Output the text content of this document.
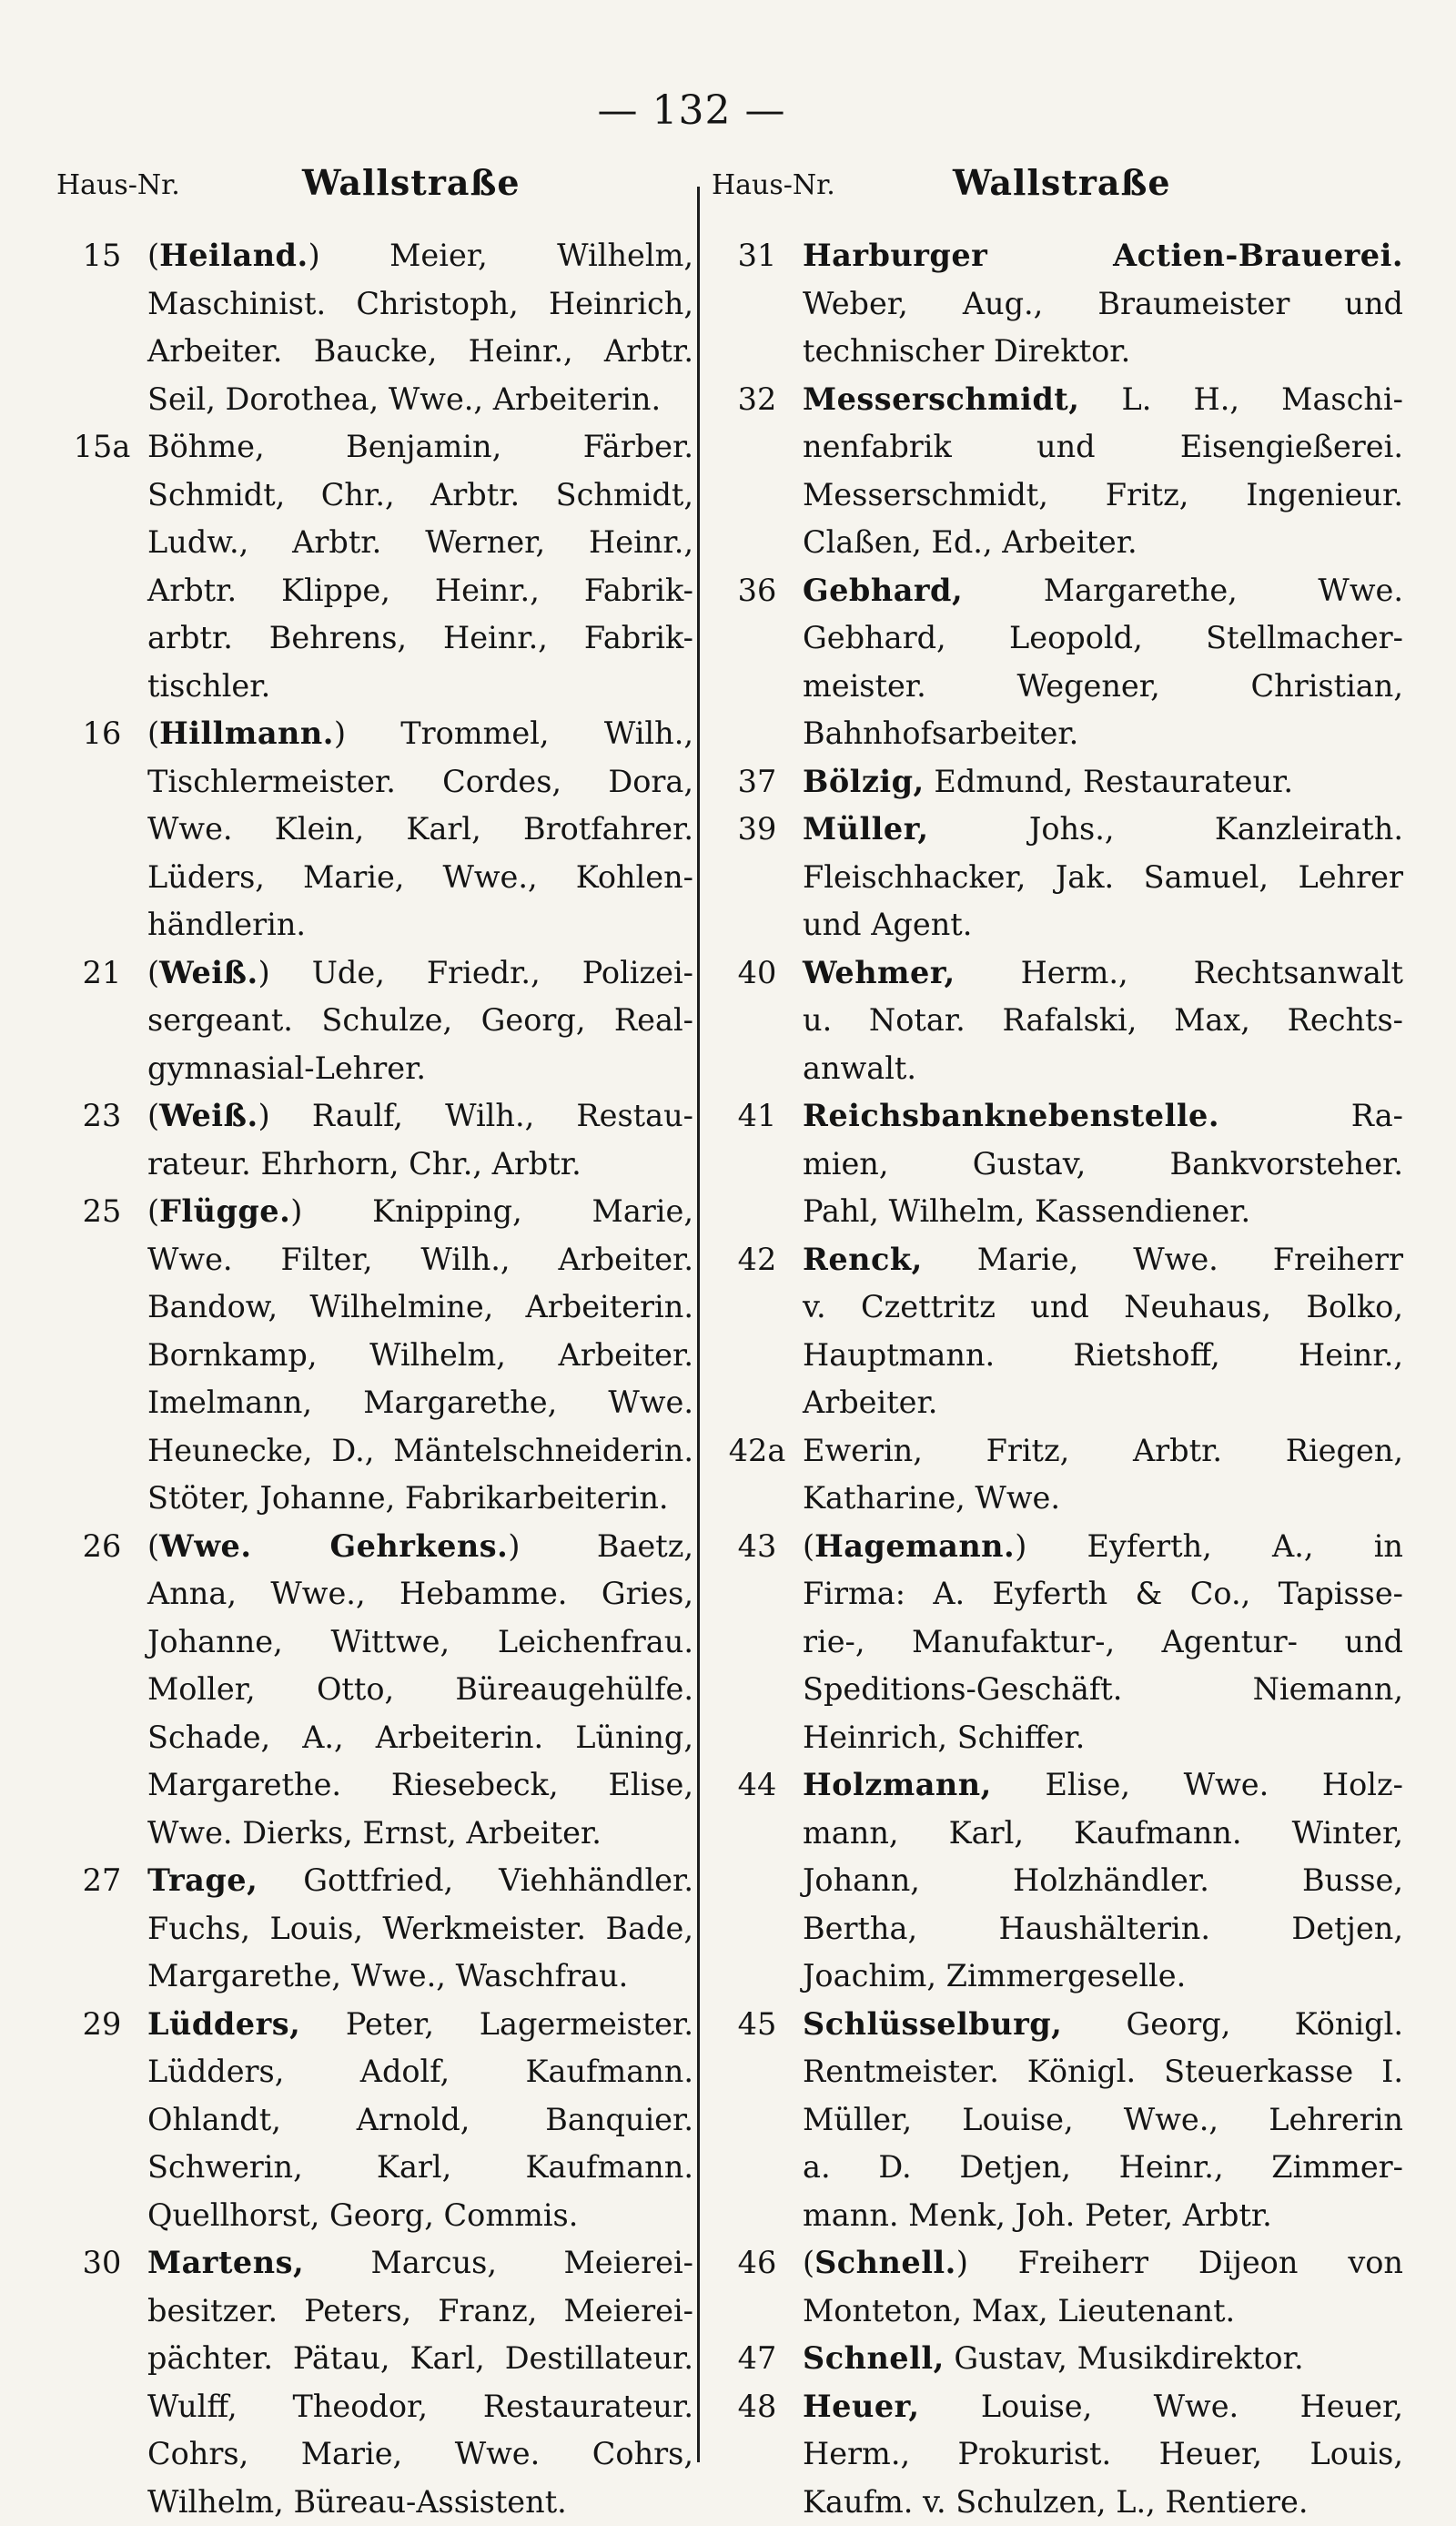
— 132 —
Haus-Nr.	Wallstraße	Haus-Nr.	Wallstraße
15 (Heiland.) Meier, Wilhelm,
Maschinist. Christoph, Heinrich,
Arbeiter. Baucke, Heinr., Arbtr.
Seil, Dorothea, Wwe., Arbeiterin.
15a Böhme, Benjamin, Färber.
Schmidt, Chr., Arbtr. Schmidt,
Ludw., Arbtr. Werner, Heinr.,
Arbtr. Klippe, Heinr., Fabrik-
arbtr. Behrens, Heinr., Fabrik-
tischler.
16 (Hillmann.) Trommel, Wilh.,
Tischlermeister. Cordes, Dora,
Wwe. Klein, Karl, Brotfahrer.
Lüders, Marie, Wwe., Kohlen-
händlerin.
21 (Weiß.) Ude, Friedr., Polizei-
sergeant. Schulze, Georg, Real-
gymnasial-Lehrer.
23 (Weiß.) Raulf, Wilh., Restau-
rateur. Ehrhorn, Chr., Arbtr.
25 (Flügge.) Knipping, Marie,
Wwe. Filter, Wilh., Arbeiter.
Bandow, Wilhelmine, Arbeiterin.
Bornkamp, Wilhelm, Arbeiter.
Imelmann, Margarethe, Wwe.
Heunecke, D., Mäntelschneiderin.
Stöter, Johanne, Fabrikarbeiterin.
26 (Wwe. Gehrkens.) Baetz,
Anna, Wwe., Hebamme. Gries,
Johanne, Wittwe, Leichenfrau.
Moller, Otto, Büreaugehülfe.
Schade, A., Arbeiterin. Lüning,
Margarethe. Riesebeck, Elise,
Wwe. Dierks, Ernst, Arbeiter.
27 Trage, Gottfried, Viehhändler.
Fuchs, Louis, Werkmeister. Bade,
Margarethe, Wwe., Waschfrau.
29 Lüdders, Peter, Lagermeister.
Lüdders, Adolf, Kaufmann.
Ohlandt, Arnold, Banquier.
Schwerin, Karl, Kaufmann.
Quellhorst, Georg, Commis.
30 Martens, Marcus, Meierei-
besitzer. Peters, Franz, Meierei-
pächter. Pätau, Karl, Destillateur.
Wulff, Theodor, Restaurateur.
Cohrs, Marie, Wwe. Cohrs,
Wilhelm, Büreau-Assistent.
31 Harburger Actien-Brauerei.
Weber, Aug., Braumeister und
technischer Direktor.
32 Messerschmidt, L. H., Maschi-
nenfabrik und Eisengießerei.
Messerschmidt, Fritz, Ingenieur.
Claßen, Ed., Arbeiter.
36 Gebhard, Margarethe, Wwe.
Gebhard, Leopold, Stellmacher-
meister. Wegener, Christian,
Bahnhofsarbeiter.
37 Bölzig, Edmund, Restaurateur.
39 Müller, Johs., Kanzleirath.
Fleischhacker, Jak. Samuel, Lehrer
und Agent.
40 Wehmer, Herm., Rechtsanwalt
u. Notar. Rafalski, Max, Rechts-
anwalt.
41 Reichsbanknebenstelle. Ra-
mien, Gustav, Bankvorsteher.
Pahl, Wilhelm, Kassendiener.
42 Renck, Marie, Wwe. Freiherr
v. Czettritz und Neuhaus, Bolko,
Hauptmann. Rietshoff, Heinr.,
Arbeiter.
42a Ewerin, Fritz, Arbtr. Riegen,
Katharine, Wwe.
43 (Hagemann.) Eyferth, A., in
Firma: A. Eyferth & Co., Tapisse-
rie-, Manufaktur-, Agentur- und
Speditions-Geschäft. Niemann,
Heinrich, Schiffer.
44 Holzmann, Elise, Wwe. Holz-
mann, Karl, Kaufmann. Winter,
Johann, Holzhändler. Busse,
Bertha, Haushälterin. Detjen,
Joachim, Zimmergeselle.
45 Schlüsselburg, Georg, Königl.
Rentmeister. Königl. Steuerkasse I.
Müller, Louise, Wwe., Lehrerin
a. D. Detjen, Heinr., Zimmer-
mann. Menk, Joh. Peter, Arbtr.
46 (Schnell.) Freiherr Dijeon von
Monteton, Max, Lieutenant.
47 Schnell, Gustav, Musikdirektor.
48 Heuer, Louise, Wwe. Heuer,
Herm., Prokurist. Heuer, Louis,
Kaufm. v. Schulzen, L., Rentiere.
